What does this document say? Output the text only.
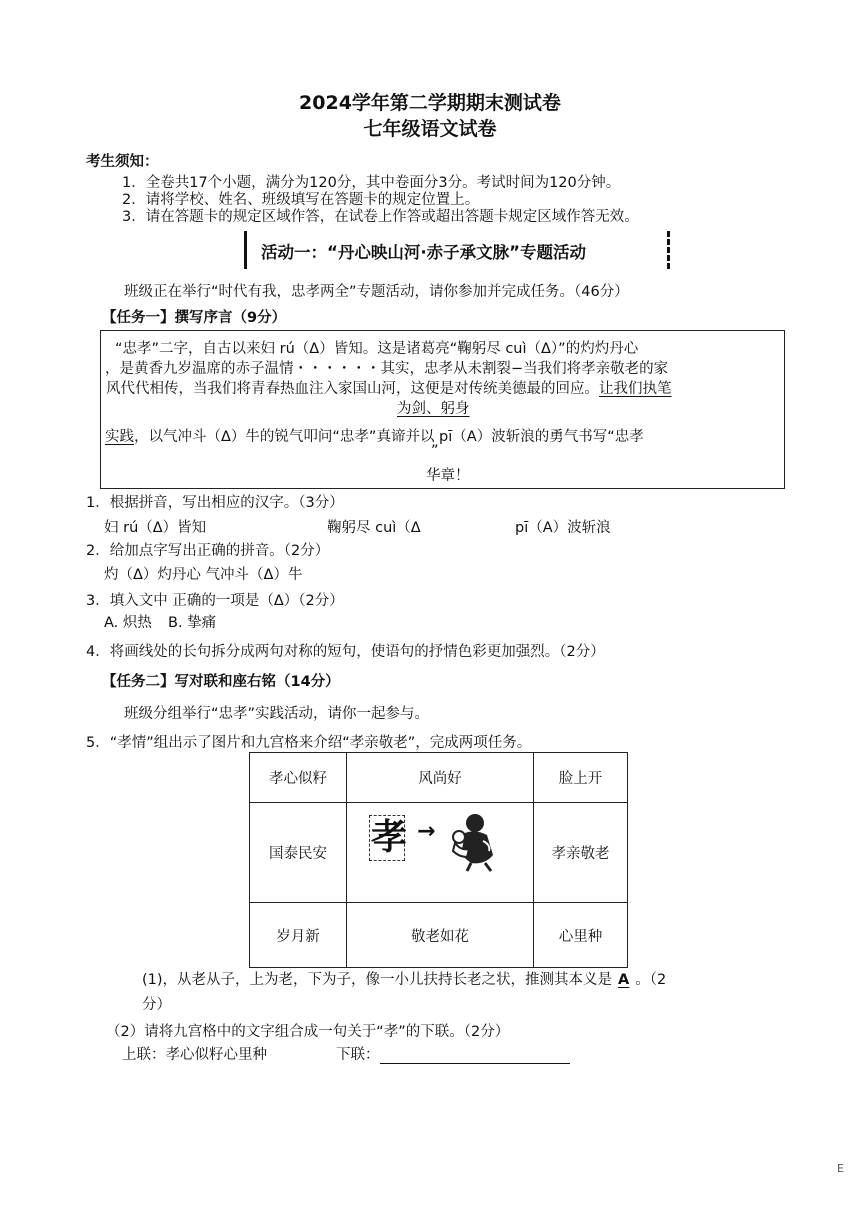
2024学年第二学期期末测试卷
七年级语文试卷
考生须知：
1．全卷共17个小题，满分为120分，其中卷面分3分。考试时间为120分钟。
2．请将学校、姓名、班级填写在答题卡的规定位置上。
3．请在答题卡的规定区域作答，在试卷上作答或超出答题卡规定区域作答无效。
活动一：“丹心映山河·赤子承文脉”专题活动
班级正在举行“时代有我，忠孝两全”专题活动，请你参加并完成任务。（46分）
【任务一】撰写序言（9分）
“忠孝”二字，自古以来妇 rú（Δ）皆知。这是诸葛亮“鞠躬尽 cuì（Δ）”的灼灼丹心
，是黄香九岁温席的赤子温情・・・・・・其实，忠孝从未割裂−当我们将孝亲敬老的家
风代代相传，当我们将青春热血注入家国山河，这便是对传统美德最的回应。让我们执笔
为剑、躬身
实践，以气冲斗（Δ）牛的锐气叩问“忠孝”真谛并以 pī（A）波斩浪的勇气书写“忠孝
”
华章！
1．根据拼音，写出相应的汉字。（3分）
妇 rú（Δ）皆知	鞠躬尽 cuì（Δ	pī（A）波斩浪
2．给加点字写出正确的拼音。（2分）
灼（Δ）灼丹心 气冲斗（Δ）牛
3．填入文中 正确的一项是（Δ）（2分）
A. 炽热 B. 挚痛
4．将画线处的长句拆分成两句对称的短句，使语句的抒情色彩更加强烈。（2分）
【任务二】写对联和座右铭（14分）
班级分组举行“忠孝”实践活动，请你一起参与。
5．“孝情”组出示了图片和九宫格来介绍“孝亲敬老”，完成两项任务。
孝心似籽	风尚好	脸上开
国泰民安	孝 →	孝亲敬老
岁月新	敬老如花	心里种
(1)，从老从子，上为老，下为子，像一小儿扶持长老之状，推测其本义是 A 。（2
分）
（2）请将九宫格中的文字组合成一句关于“孝”的下联。（2分）
上联：孝心似籽心里种	下联：
E
